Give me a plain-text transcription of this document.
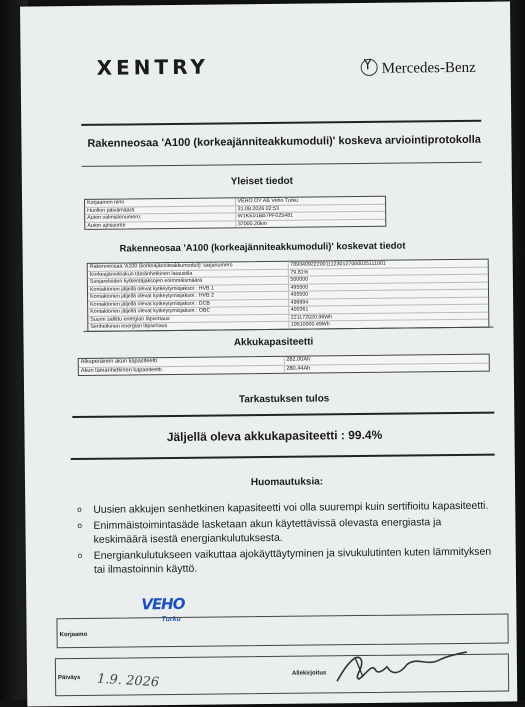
XENTRY Y	Mercedes-Benz
Rakenneosaa 'A100 (korkeajänniteakkumoduli)' koskeva arviointiprotokolla
Yleiset tiedot
Korjaamon nimi	VEHO OY AB Veho Turku
Huollon päivämäärä	31.08.2026 02:53
Auton valmistenumero:	W1KE01BB7PF025481
Auton ajosuorite	37000.20km
Rakenneosaa 'A100 (korkeajänniteakkumoduli)' koskevat tiedot
Rakenneosaa 'A100 (korkeajänniteakkumoduli)' sarjanumero	789340922200111230127000025111001
Korkeajänniteakun tämänhetkinen lataustila	79.81%
Suojareleiden kytkentäjaksojen enimmäismäärä	500000
Kontaktorien jäljellä olevat kytkeytymisjaksot : HVB 1	495500
Kontaktorien jäljellä olevat kytkeytymisjaksot : HVB 2	495500
Kontaktorien jäljellä olevat kytkeytymisjaksot : DCB	499994
Kontaktorien jäljellä olevat kytkeytymisjaksot : OBC	400361
Suurin sallittu energian läpivirtaus	221172020.96Wh
Senhetkinen energian läpivirtaus	19510000.49Wh
Akkukapasiteetti
Alkuperäinen akun kapasiteetti	282.00Ah
Akun tämänhetkinen kapasiteetti	280.44Ah
Tarkastuksen tulos
Jäljellä oleva akkukapasiteetti : 99.4%
Huomautuksia:
o	Uusien akkujen senhetkinen kapasiteetti voi olla suurempi kuin sertifioitu kapasiteetti.
o	Enimmäistoimintasäde lasketaan akun käytettävissä olevasta energiasta ja keskimäärä isestä energiankulutuksesta.
o	Energiankulutukseen vaikuttaa ajokäyttäytyminen ja sivukulutinten kuten lämmityksen tai ilmastoinnin käyttö.
VEHO
Turku
Korjaamo
Päiväys
Allekirjoitus
1.9. 2026
